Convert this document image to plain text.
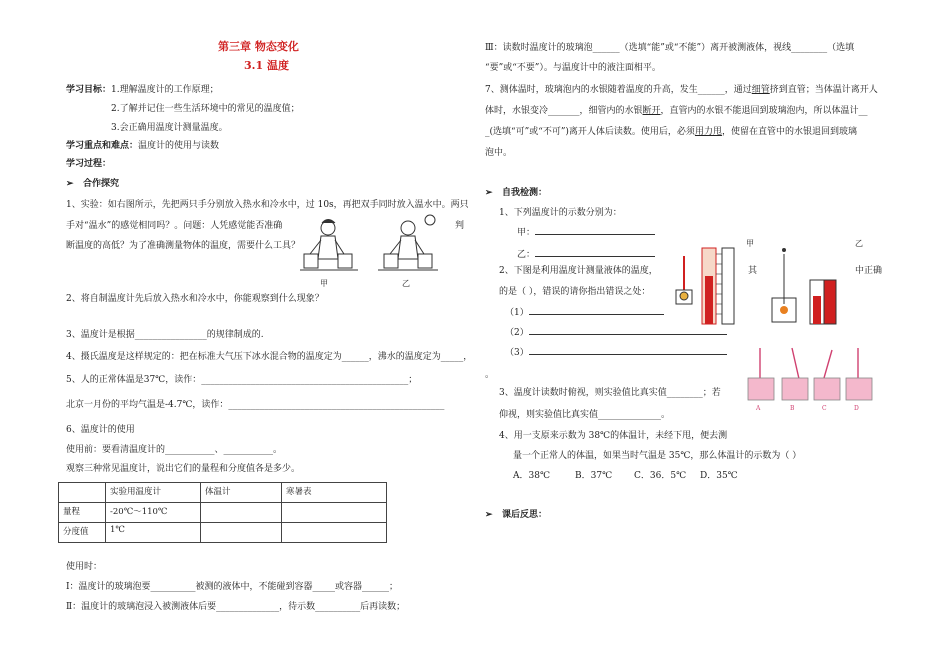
第三章 物态变化
3.1 温度
学习目标：1.理解温度计的工作原理；
2.了解并记住一些生活环境中的常见的温度值；
3.会正确用温度计测量温度。
学习重点和难点：温度计的使用与读数
学习过程：
➢ 合作探究
1、实验：如右图所示，先把两只手分别放入热水和冷水中，过 10s，再把双手同时放入温水中。两只
手对“温水”的感觉相同吗？。问题：人凭感觉能否准确	判
断温度的高低？为了准确测量物体的温度，需要什么工具？
甲	乙
2、将自制温度计先后放入热水和冷水中，你能观察到什么现象？
3、温度计是根据________________的规律制成的.
4、摄氏温度是这样规定的：把在标准大气压下冰水混合物的温度定为______，沸水的温度定为_____，
5、人的正常体温是37℃，读作：______________________________________________；
北京一月份的平均气温是-4.7℃，读作：________________________________________________
6、温度计的使用
使用前：要看清温度计的___________、___________。
观察三种常见温度计，说出它们的量程和分度值各是多少。
	实验用温度计	体温计	寒暑表
量程	-20℃～110℃		
分度值	1℃		
使用时：
Ⅰ：温度计的玻璃泡要__________被测的液体中，不能碰到容器_____或容器______；
Ⅱ：温度计的玻璃泡浸入被测液体后要______________，待示数__________后再读数；
Ⅲ：读数时温度计的玻璃泡______（选填“能”或“不能”）离开被测液体，视线________（选填
“要”或“不要”）。与温度计中的液注面相平。
7、测体温时，玻璃泡内的水银随着温度的升高，发生______，通过细管挤到直管；当体温计离开人
体时，水银变冷_______，细管内的水银断开，直管内的水银不能退回到玻璃泡内，所以体温计__
_(选填“可”或“不可”)离开人体后读数。使用后，必须用力甩，使留在直管中的水银退回到玻璃
泡中。
➢ 自我检测：
1、下列温度计的示数分别为：
甲：
乙：
甲	乙
2、下图是利用温度计测量液体的温度，	其	中正确
的是（ ），错误的请你指出错误之处：
（1）
（2）
（3）
。
A	B	C	D
3、温度计读数时俯视，则实验值比真实值________；若
仰视，则实验值比真实值______________。
4、用一支原来示数为 38℃的体温计，未经下甩，便去测
量一个正常人的体温，如果当时气温是 35℃，那么体温计的示数为（ ）
A．38℃	B．37℃ C．36．5℃ D．35℃
➢ 课后反思：
